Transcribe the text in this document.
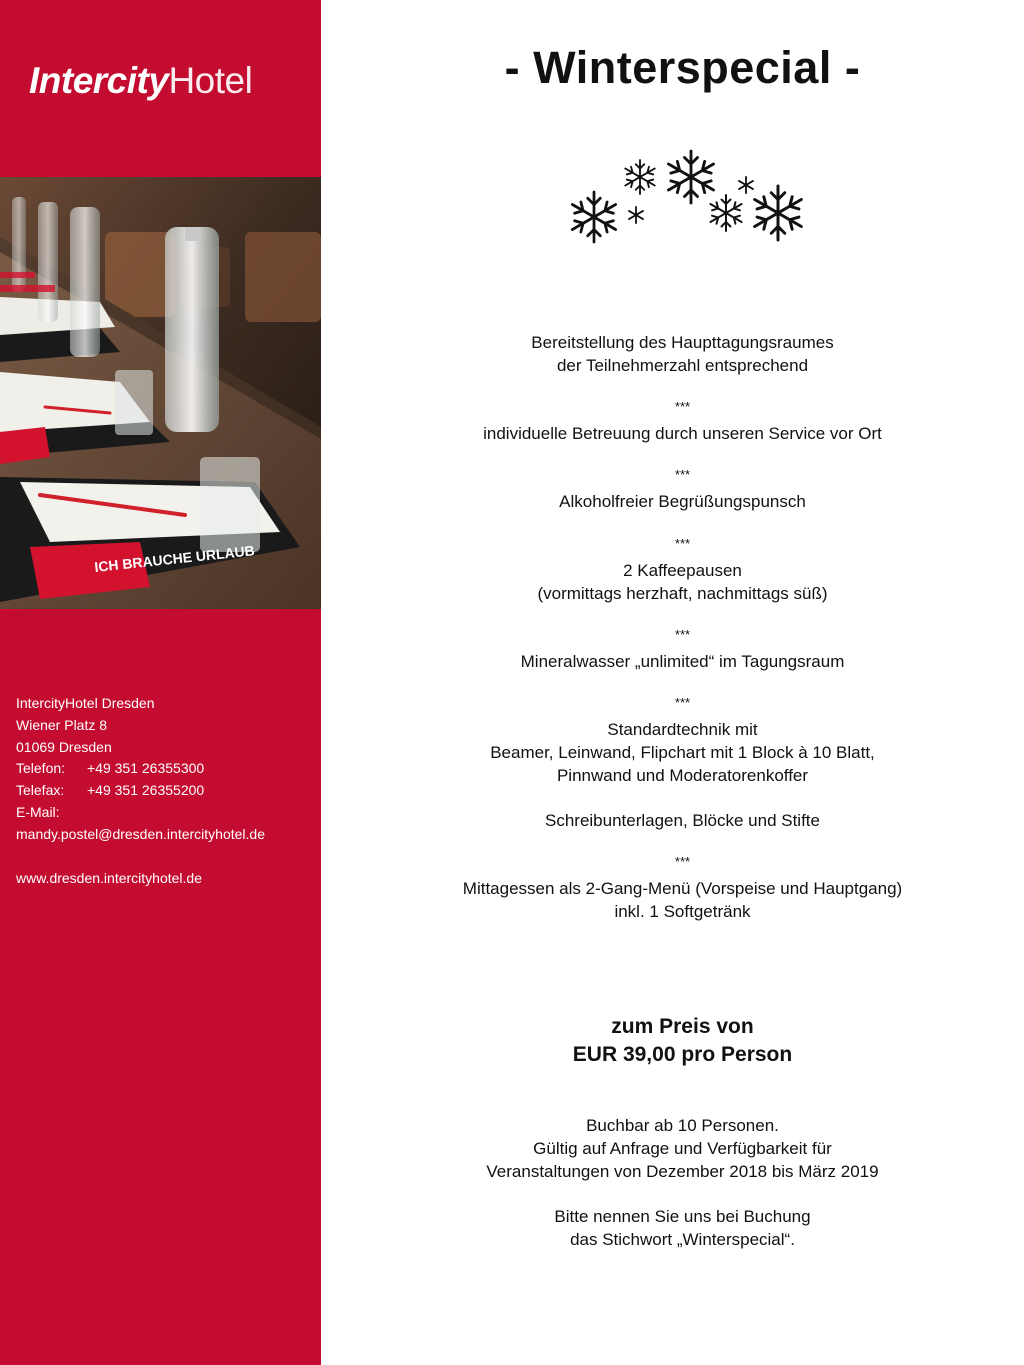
IntercityHotel
ICH BRAUCHE URLAUB
IntercityHotel Dresden
Wiener Platz 8
01069 Dresden
Telefon: +49 351 26355300
Telefax: +49 351 26355200
E-Mail:
mandy.postel@dresden.intercityhotel.de
www.dresden.intercityhotel.de
- Winterspecial -
Bereitstellung des Haupttagungsraumes
der Teilnehmerzahl entsprechend
***
individuelle Betreuung durch unseren Service vor Ort
***
Alkoholfreier Begrüßungspunsch
***
2 Kaffeepausen
(vormittags herzhaft, nachmittags süß)
***
Mineralwasser „unlimited“ im Tagungsraum
***
Standardtechnik mit
Beamer, Leinwand, Flipchart mit 1 Block à 10 Blatt,
Pinnwand und Moderatorenkoffer
Schreibunterlagen, Blöcke und Stifte
***
Mittagessen als 2-Gang-Menü (Vorspeise und Hauptgang)
inkl. 1 Softgetränk
zum Preis von
EUR 39,00 pro Person
Buchbar ab 10 Personen.
Gültig auf Anfrage und Verfügbarkeit für
Veranstaltungen von Dezember 2018 bis März 2019
Bitte nennen Sie uns bei Buchung
das Stichwort „Winterspecial“.
